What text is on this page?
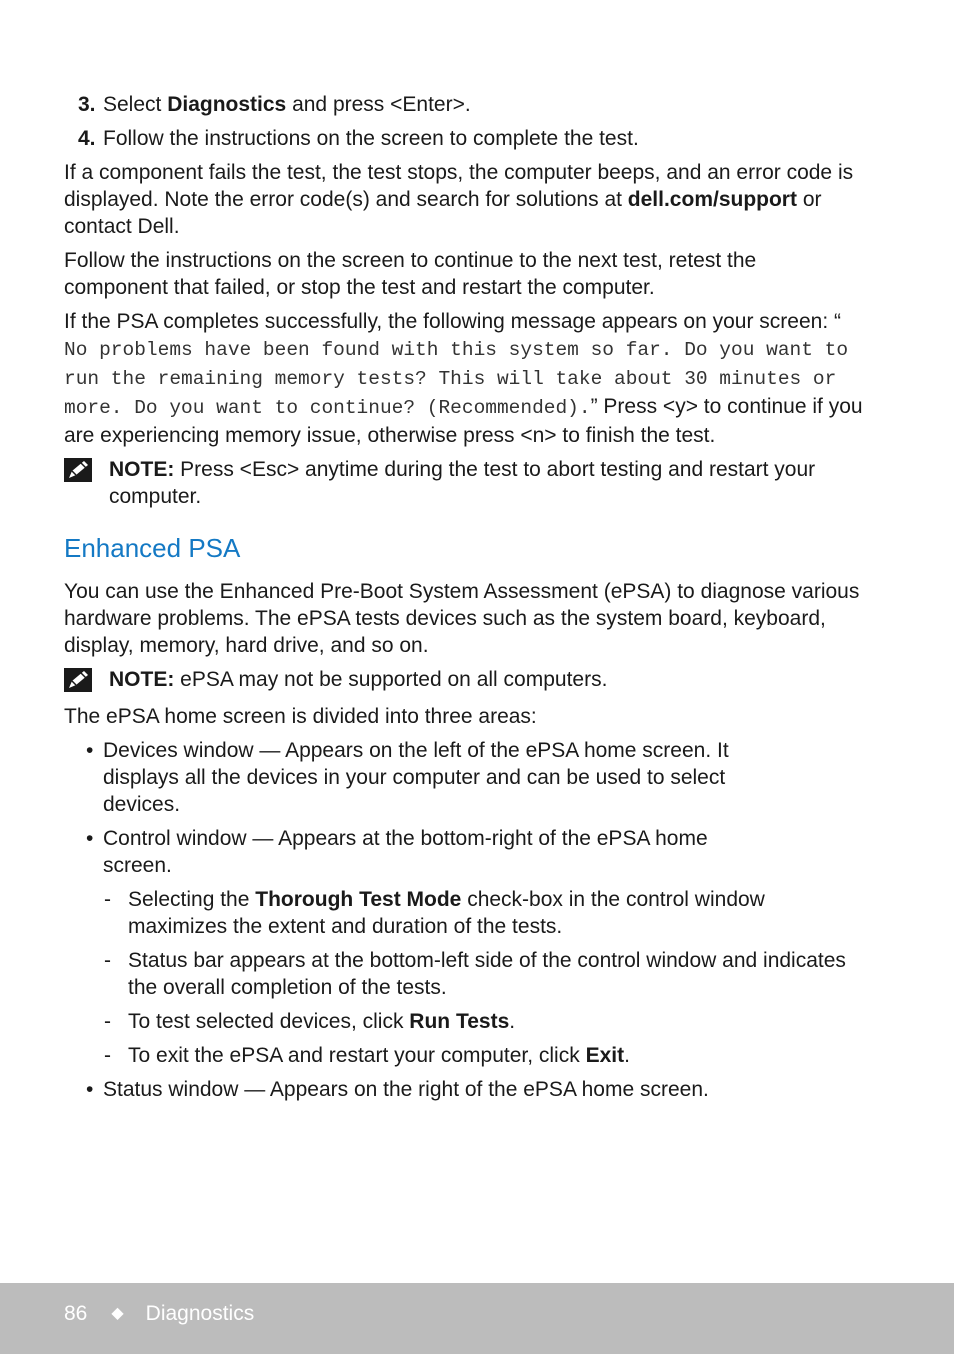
3. Select Diagnostics and press <Enter>.

4. Follow the instructions on the screen to complete the test.

If a component fails the test, the test stops, the computer beeps, and an error code is displayed. Note the error code(s) and search for solutions at dell.com/support or contact Dell.

Follow the instructions on the screen to continue to the next test, retest the component that failed, or stop the test and restart the computer.

If the PSA completes successfully, the following message appears on your screen: “ No problems have been found with this system so far. Do you want to run the remaining memory tests? This will take about 30 minutes or more. Do you want to continue? (Recommended).” Press <y> to continue if you are experiencing memory issue, otherwise press <n> to finish the test.

NOTE: Press <Esc> anytime during the test to abort testing and restart your computer.

Enhanced PSA

You can use the Enhanced Pre-Boot System Assessment (ePSA) to diagnose various hardware problems. The ePSA tests devices such as the system board, keyboard, display, memory, hard drive, and so on.

NOTE: ePSA may not be supported on all computers.

The ePSA home screen is divided into three areas:

• Devices window — Appears on the left of the ePSA home screen. It displays all the devices in your computer and can be used to select devices.

• Control window — Appears at the bottom-right of the ePSA home screen.

- Selecting the Thorough Test Mode check-box in the control window maximizes the extent and duration of the tests.

- Status bar appears at the bottom-left side of the control window and indicates the overall completion of the tests.

- To test selected devices, click Run Tests.

- To exit the ePSA and restart your computer, click Exit.

• Status window — Appears on the right of the ePSA home screen.

86 ◆ Diagnostics
